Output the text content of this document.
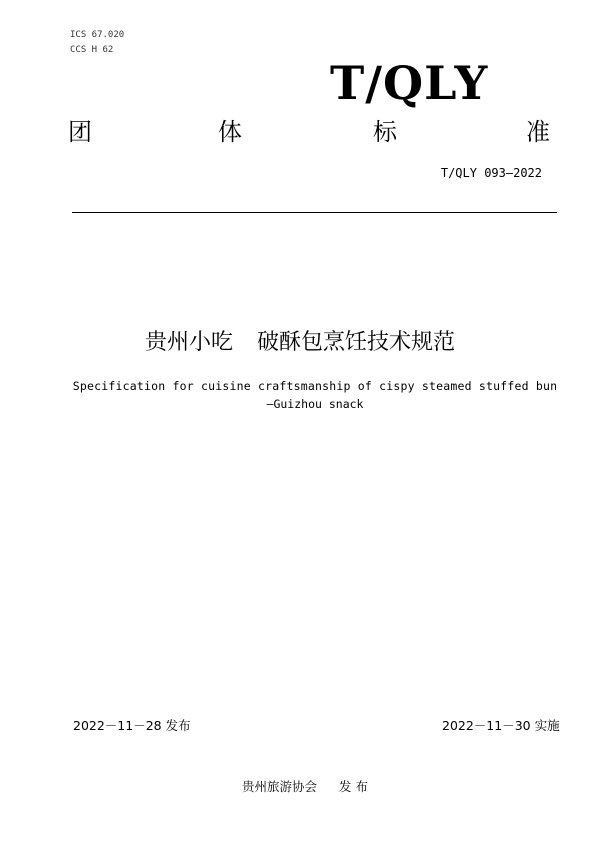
ICS 67.020
CCS H 62
T/QLY
团	体	标	准
T/QLY 093—2022
贵州小吃 破酥包烹饪技术规范
Specification for cuisine craftsmanship of cispy steamed stuffed bun
—Guizhou snack
2022－11－28 发布	2022－11－30 实施
贵州旅游协会 发 布
